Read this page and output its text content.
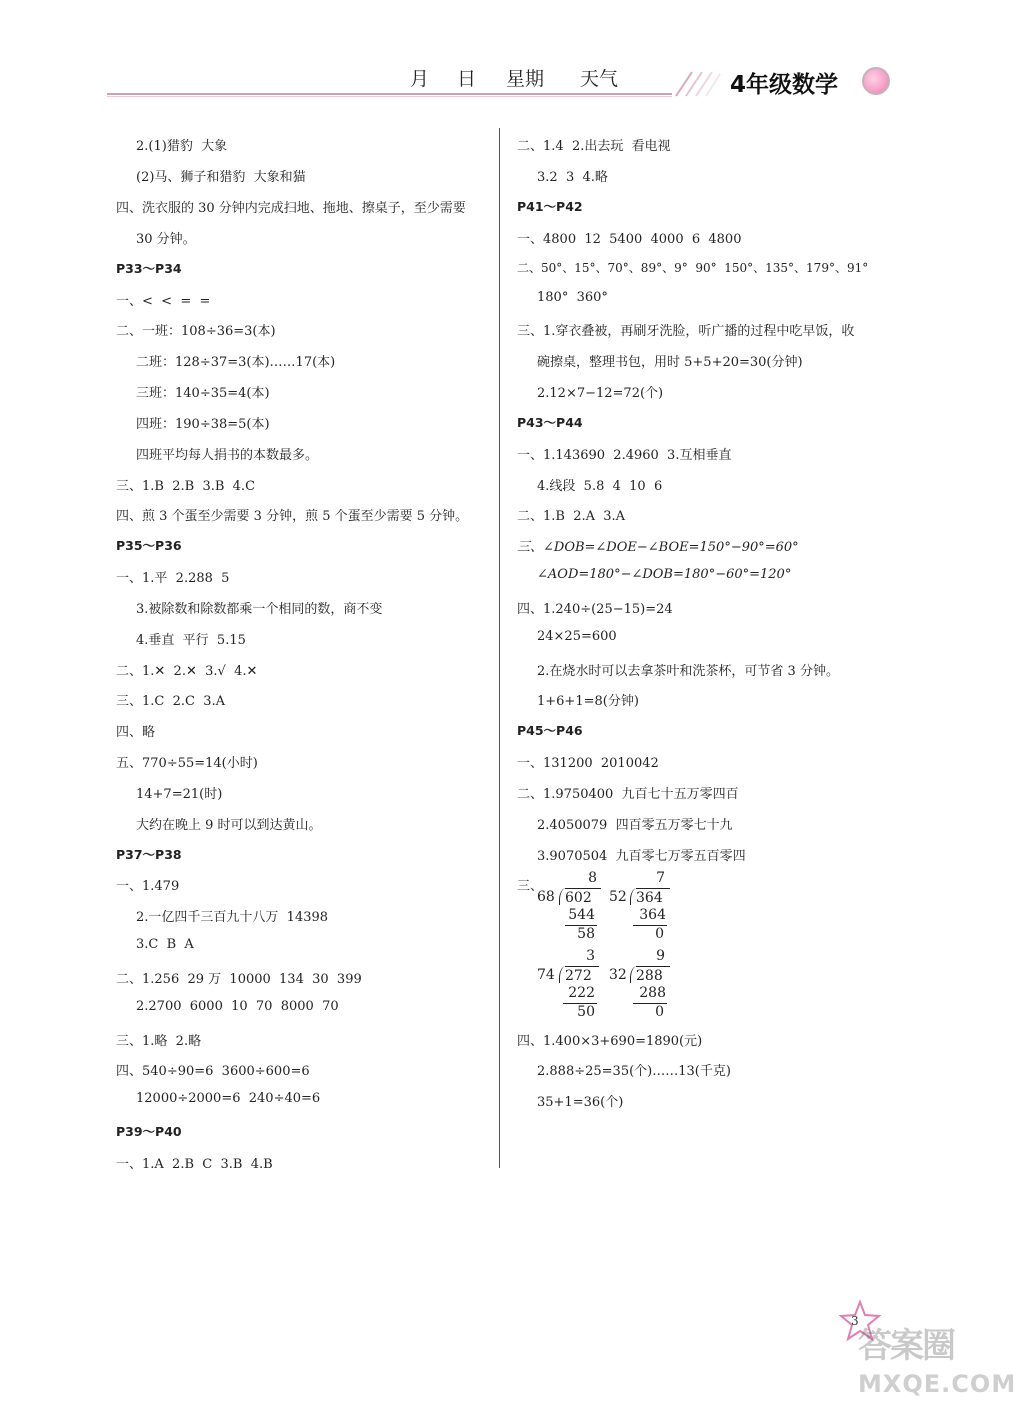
月 日 星期 天气	4年级数学
2.(1)猎豹  大象
(2)马、狮子和猎豹  大象和猫
四、洗衣服的 30 分钟内完成扫地、拖地、擦桌子，至少需要
30 分钟。
P33～P34
一、<  <  =  =
二、一班：108÷36=3(本)
二班：128÷37=3(本)……17(本)
三班：140÷35=4(本)
四班：190÷38=5(本)
四班平均每人捐书的本数最多。
三、1.B  2.B  3.B  4.C
四、煎 3 个蛋至少需要 3 分钟，煎 5 个蛋至少需要 5 分钟。
P35～P36
一、1.平  2.288  5
3.被除数和除数都乘一个相同的数，商不变
4.垂直  平行  5.15
二、1.✕  2.✕  3.√  4.✕
三、1.C  2.C  3.A
四、略
五、770÷55=14(小时)
14+7=21(时)
大约在晚上 9 时可以到达黄山。
P37～P38
一、1.479
2.一亿四千三百九十八万  14398
3.C  B  A
二、1.256  29 万  10000  134  30  399
2.2700  6000  10  70  8000  70
三、1.略  2.略
四、540÷90=6  3600÷600=6
12000÷2000=6  240÷40=6
P39～P40
一、1.A  2.B  C  3.B  4.B
二、1.4  2.出去玩  看电视
3.2  3  4.略
P41～P42
一、4800  12  5400  4000  6  4800
二、50°、15°、70°、89°、9°  90°  150°、135°、179°、91°
180°  360°
三、1.穿衣叠被，再刷牙洗脸，听广播的过程中吃早饭，收
碗擦桌，整理书包，用时 5+5+20=30(分钟)
2.12×7−12=72(个)
P43～P44
一、1.143690  2.4960  3.互相垂直
4.线段  5.8  4  10  6
二、1.B  2.A  3.A
三、∠DOB=∠DOE−∠BOE=150°−90°=60°
∠AOD=180°−∠DOB=180°−60°=120°
四、1.240÷(25−15)=24
24×25=600
2.在烧水时可以去拿茶叶和洗茶杯，可节省 3 分钟。
1+6+1=8(分钟)
P45～P46
一、131200  2010042
二、1.9750400  九百七十五万零四百
2.4050079  四百零五万零七十九
3.9070504  九百零七万零五百零四
三、
8
68 602
544
58
7
52 364
364
0
3
74 272
222
50
9
32 288
288
0
四、1.400×3+690=1890(元)
2.888÷25=35(个)……13(千克)
35+1=36(个)
3
答案圈
MXQE.COM
